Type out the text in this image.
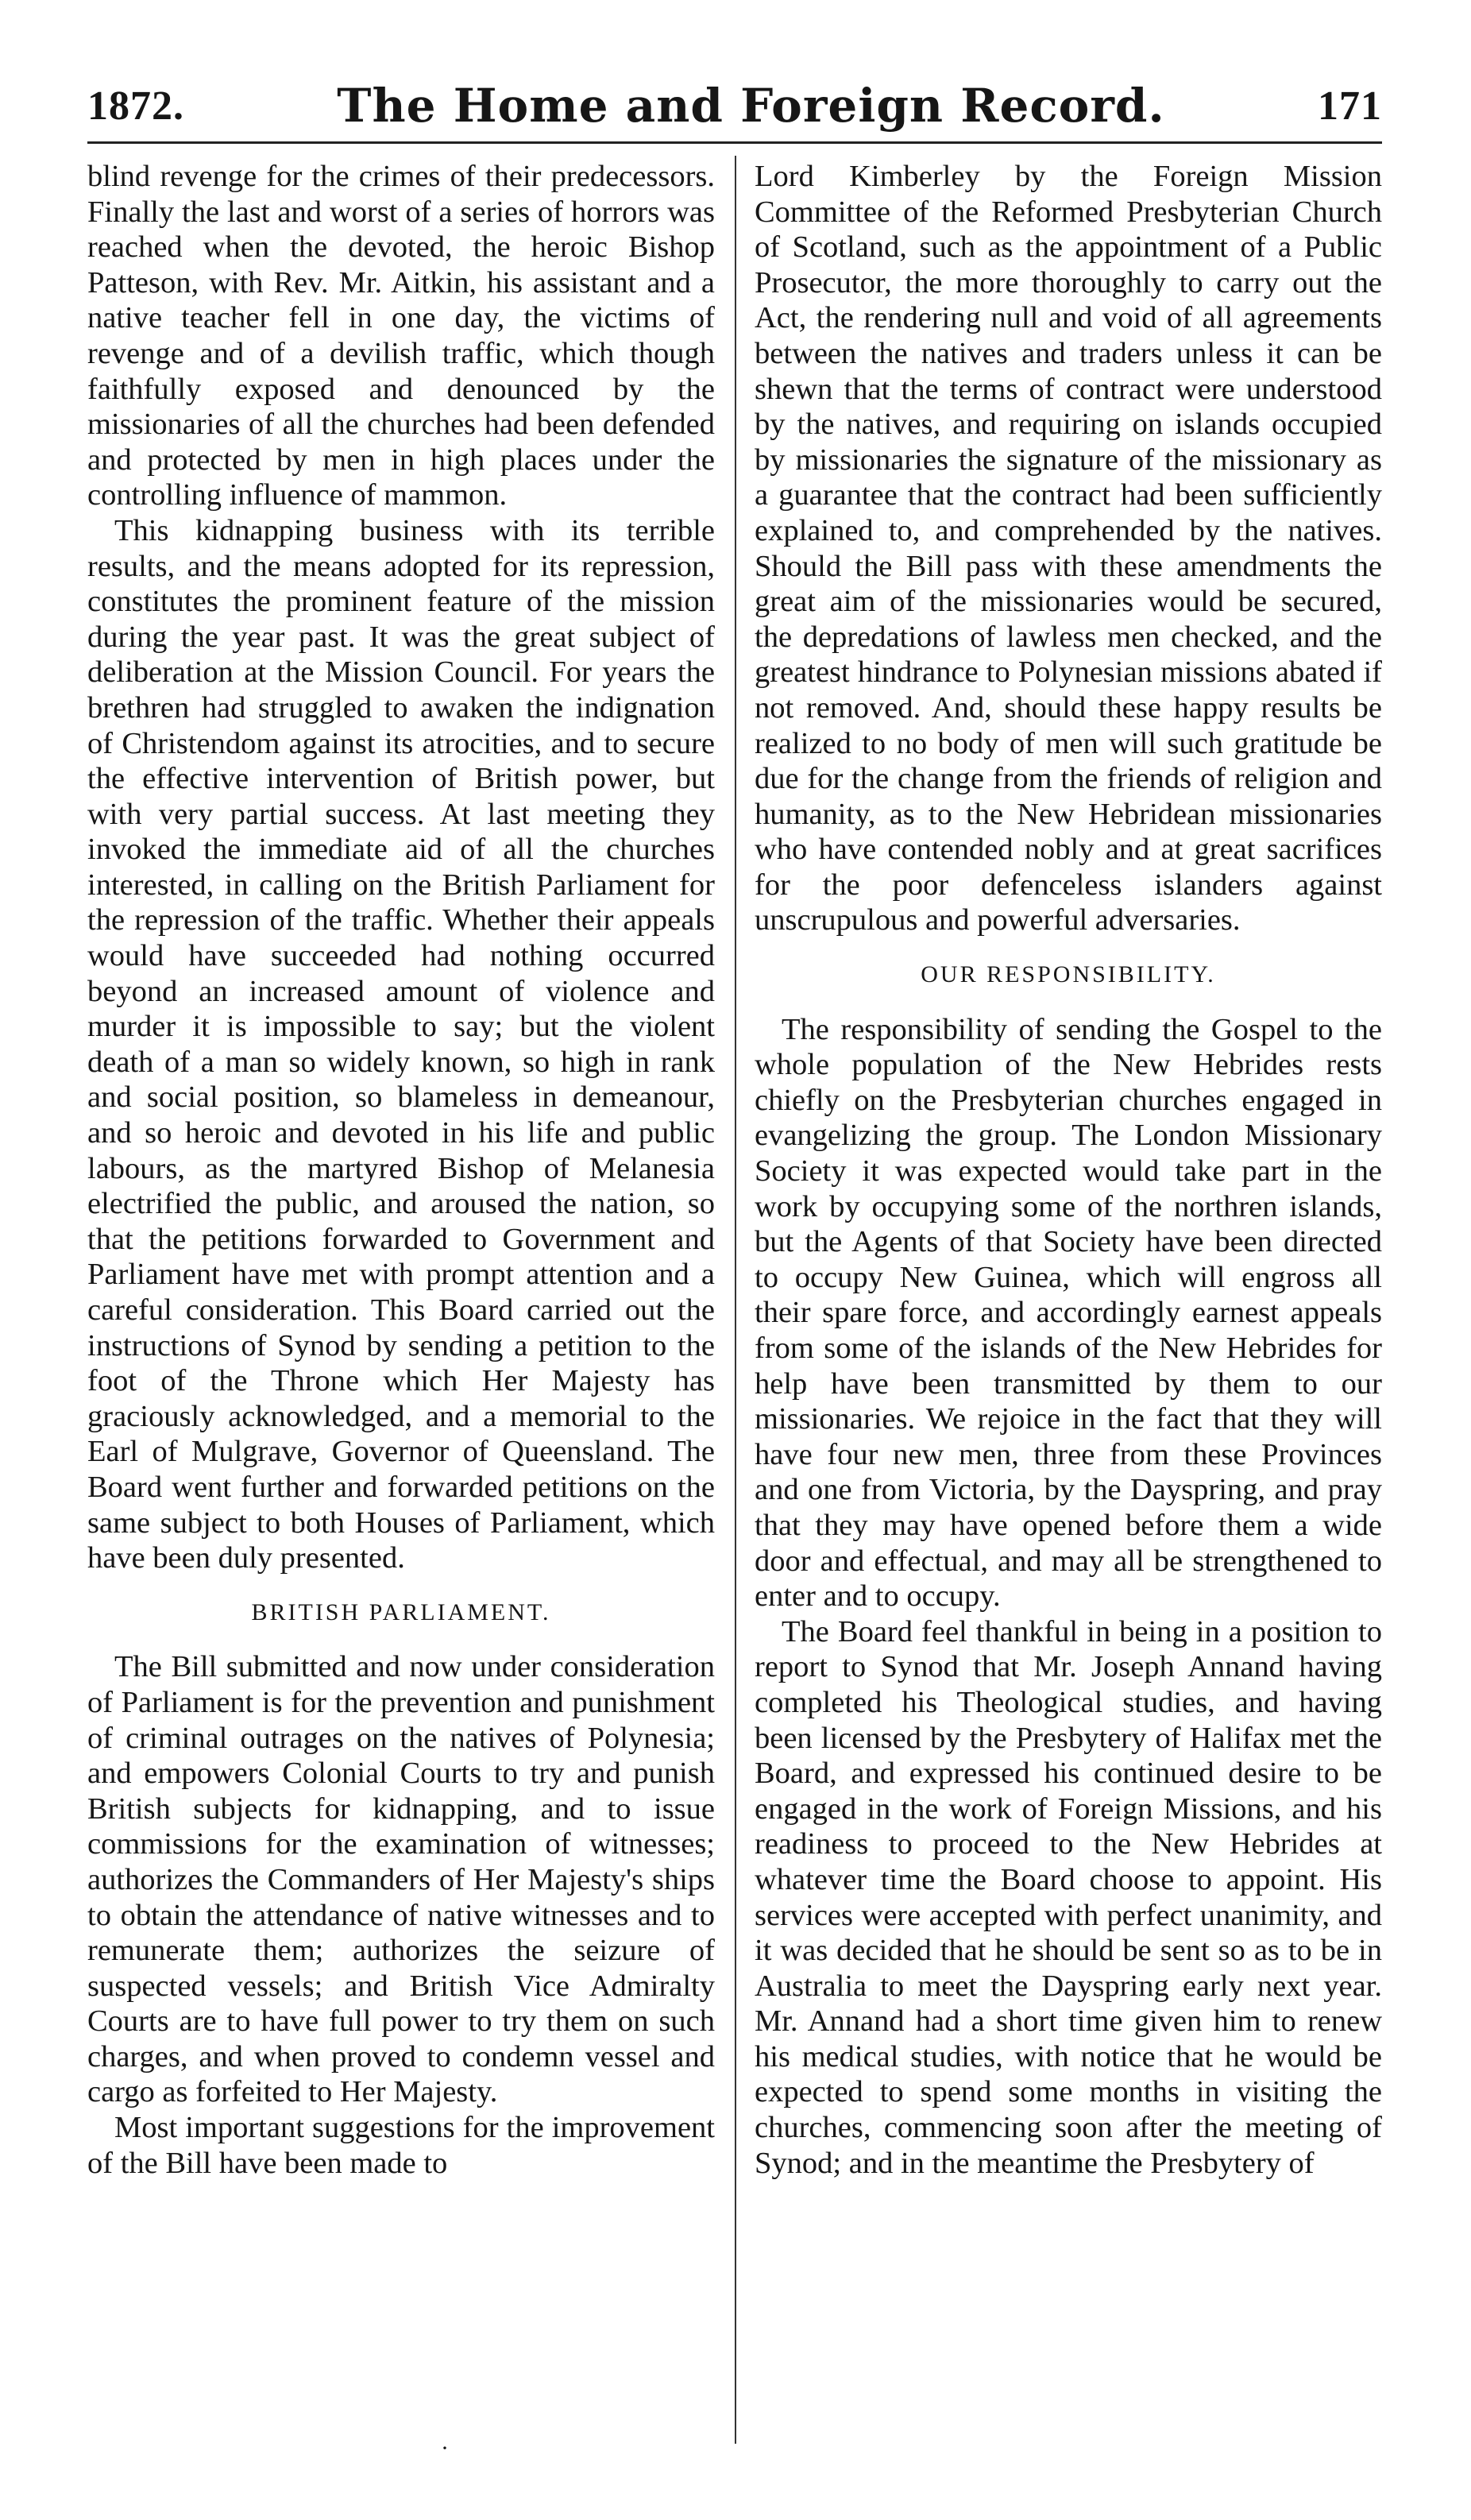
1872.	The Home and Foreign Record.	171

blind revenge for the crimes of their predecessors. Finally the last and worst of a series of horrors was reached when the devoted, the heroic Bishop Patteson, with Rev. Mr. Aitkin, his assistant and a native teacher fell in one day, the victims of revenge and of a devilish traffic, which though faithfully exposed and denounced by the missionaries of all the churches had been defended and protected by men in high places under the controlling influence of mammon.

This kidnapping business with its terrible results, and the means adopted for its repression, constitutes the prominent feature of the mission during the year past. It was the great subject of deliberation at the Mission Council. For years the brethren had struggled to awaken the indignation of Christendom against its atrocities, and to secure the effective intervention of British power, but with very partial success. At last meeting they invoked the immediate aid of all the churches interested, in calling on the British Parliament for the repression of the traffic. Whether their appeals would have succeeded had nothing occurred beyond an increased amount of violence and murder it is impossible to say; but the violent death of a man so widely known, so high in rank and social position, so blameless in demeanour, and so heroic and devoted in his life and public labours, as the martyred Bishop of Melanesia electrified the public, and aroused the nation, so that the petitions forwarded to Government and Parliament have met with prompt attention and a careful consideration. This Board carried out the instructions of Synod by sending a petition to the foot of the Throne which Her Majesty has graciously acknowledged, and a memorial to the Earl of Mulgrave, Governor of Queensland. The Board went further and forwarded petitions on the same subject to both Houses of Parliament, which have been duly presented.

BRITISH PARLIAMENT.

The Bill submitted and now under consideration of Parliament is for the prevention and punishment of criminal outrages on the natives of Polynesia; and empowers Colonial Courts to try and punish British subjects for kidnapping, and to issue commissions for the examination of witnesses; authorizes the Commanders of Her Majesty's ships to obtain the attendance of native witnesses and to remunerate them; authorizes the seizure of suspected vessels; and British Vice Admiralty Courts are to have full power to try them on such charges, and when proved to condemn vessel and cargo as forfeited to Her Majesty.

Most important suggestions for the improvement of the Bill have been made to

Lord Kimberley by the Foreign Mission Committee of the Reformed Presbyterian Church of Scotland, such as the appointment of a Public Prosecutor, the more thoroughly to carry out the Act, the rendering null and void of all agreements between the natives and traders unless it can be shewn that the terms of contract were understood by the natives, and requiring on islands occupied by missionaries the signature of the missionary as a guarantee that the contract had been sufficiently explained to, and comprehended by the natives. Should the Bill pass with these amendments the great aim of the missionaries would be secured, the depredations of lawless men checked, and the greatest hindrance to Polynesian missions abated if not removed. And, should these happy results be realized to no body of men will such gratitude be due for the change from the friends of religion and humanity, as to the New Hebridean missionaries who have contended nobly and at great sacrifices for the poor defenceless islanders against unscrupulous and powerful adversaries.

OUR RESPONSIBILITY.

The responsibility of sending the Gospel to the whole population of the New Hebrides rests chiefly on the Presbyterian churches engaged in evangelizing the group. The London Missionary Society it was expected would take part in the work by occupying some of the northren islands, but the Agents of that Society have been directed to occupy New Guinea, which will engross all their spare force, and accordingly earnest appeals from some of the islands of the New Hebrides for help have been transmitted by them to our missionaries. We rejoice in the fact that they will have four new men, three from these Provinces and one from Victoria, by the Dayspring, and pray that they may have opened before them a wide door and effectual, and may all be strengthened to enter and to occupy.

The Board feel thankful in being in a position to report to Synod that Mr. Joseph Annand having completed his Theological studies, and having been licensed by the Presbytery of Halifax met the Board, and expressed his continued desire to be engaged in the work of Foreign Missions, and his readiness to proceed to the New Hebrides at whatever time the Board choose to appoint. His services were accepted with perfect unanimity, and it was decided that he should be sent so as to be in Australia to meet the Dayspring early next year. Mr. Annand had a short time given him to renew his medical studies, with notice that he would be expected to spend some months in visiting the churches, commencing soon after the meeting of Synod; and in the meantime the Presbytery of

·
